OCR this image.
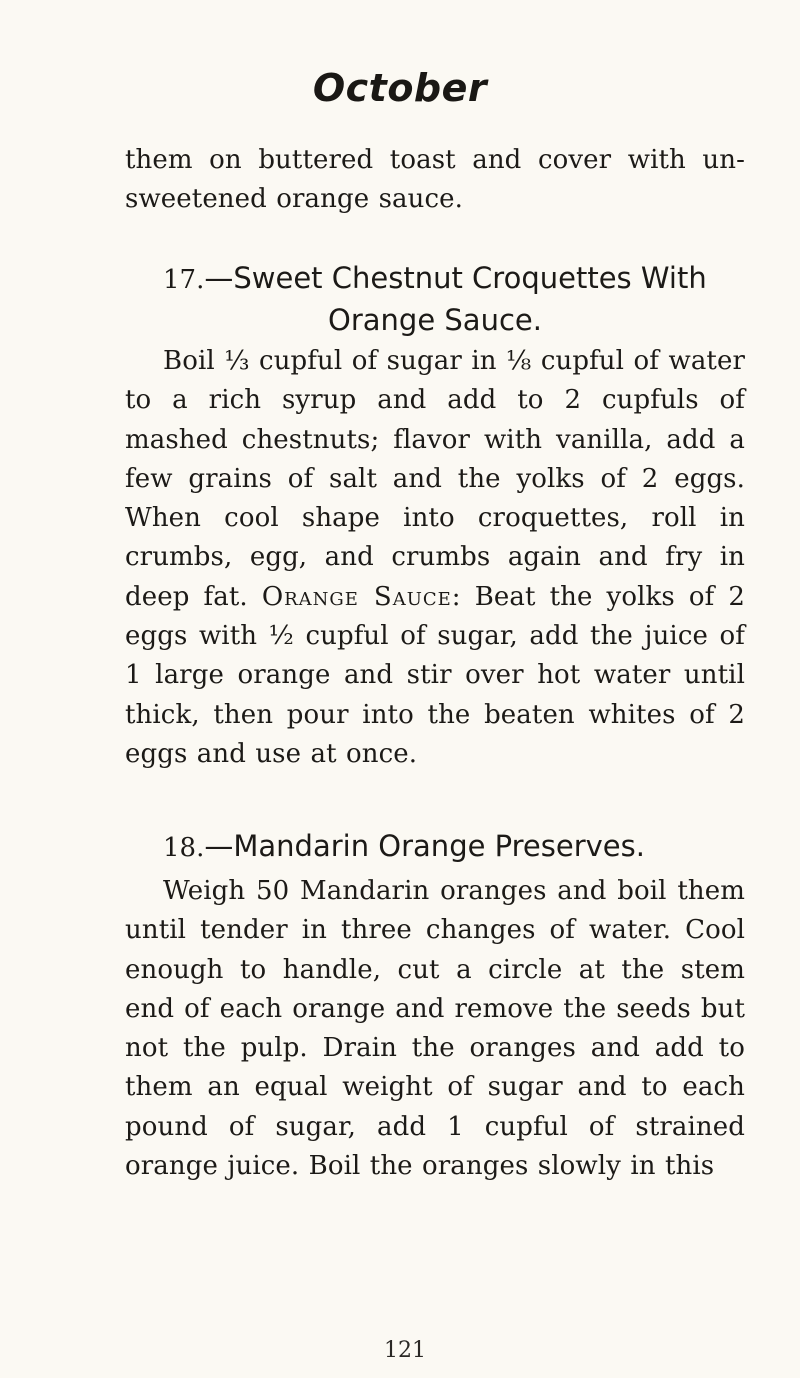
October

them on buttered toast and cover with un-sweetened orange sauce.

17.—Sweet Chestnut Croquettes With
Orange Sauce.

Boil ⅓ cupful of sugar in ⅛ cupful of water to a rich syrup and add to 2 cupfuls of mashed chestnuts; flavor with vanilla, add a few grains of salt and the yolks of 2 eggs. When cool shape into croquettes, roll in crumbs, egg, and crumbs again and fry in deep fat. Orange Sauce: Beat the yolks of 2 eggs with ½ cupful of sugar, add the juice of 1 large orange and stir over hot water until thick, then pour into the beaten whites of 2 eggs and use at once.

18.—Mandarin Orange Preserves.

Weigh 50 Mandarin oranges and boil them until tender in three changes of water. Cool enough to handle, cut a circle at the stem end of each orange and remove the seeds but not the pulp. Drain the oranges and add to them an equal weight of sugar and to each pound of sugar, add 1 cupful of strained orange juice. Boil the oranges slowly in this

121
